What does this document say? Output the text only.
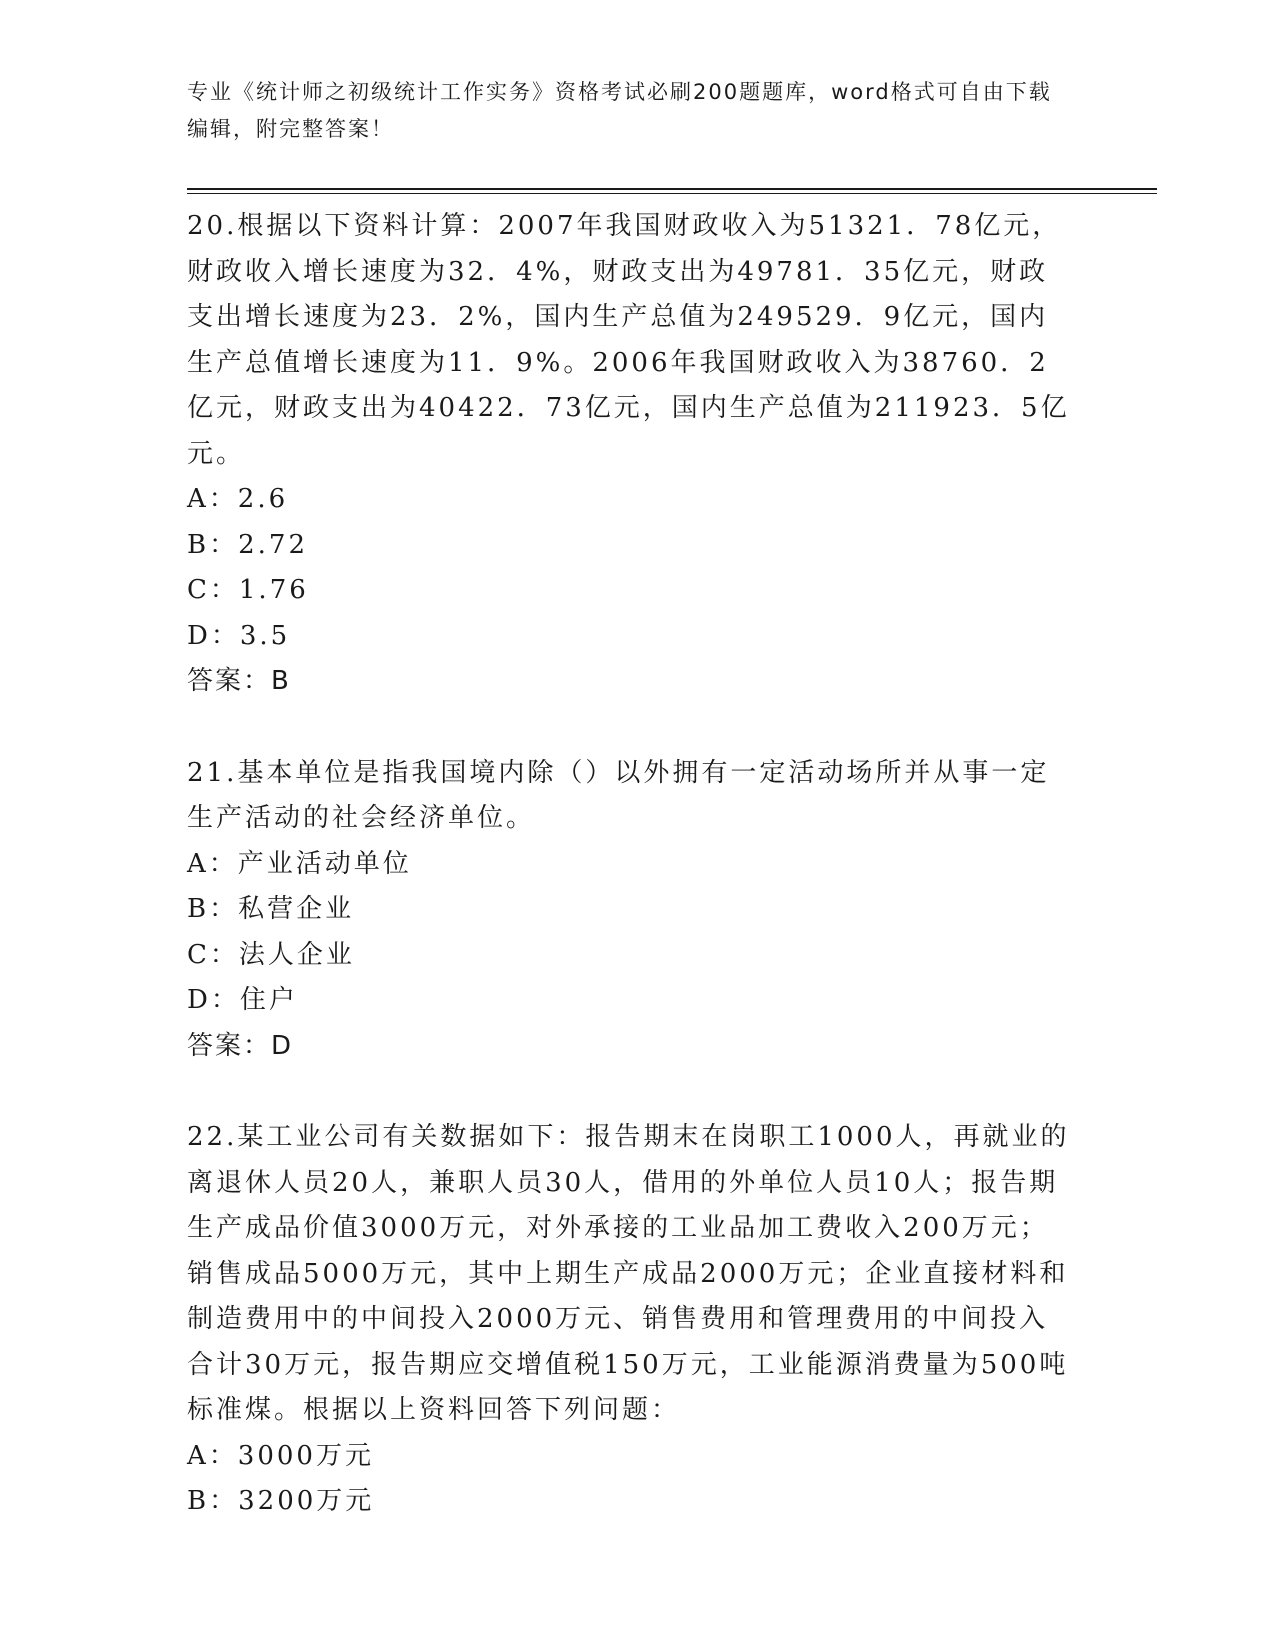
专业《统计师之初级统计工作实务》资格考试必刷200题题库，word格式可自由下载编辑，附完整答案！

20.根据以下资料计算：2007年我国财政收入为51321．78亿元，财政收入增长速度为32．4%，财政支出为49781．35亿元，财政支出增长速度为23．2%，国内生产总值为249529．9亿元，国内生产总值增长速度为11．9%。2006年我国财政收入为38760．2亿元，财政支出为40422．73亿元，国内生产总值为211923．5亿元。

A：2.6

B：2.72

C：1.76

D：3.5

答案：B

21.基本单位是指我国境内除（）以外拥有一定活动场所并从事一定生产活动的社会经济单位。

A：产业活动单位

B：私营企业

C：法人企业

D：住户

答案：D

22.某工业公司有关数据如下：报告期末在岗职工1000人，再就业的离退休人员20人，兼职人员30人，借用的外单位人员10人；报告期生产成品价值3000万元，对外承接的工业品加工费收入200万元；销售成品5000万元，其中上期生产成品2000万元；企业直接材料和制造费用中的中间投入2000万元、销售费用和管理费用的中间投入合计30万元，报告期应交增值税150万元，工业能源消费量为500吨标准煤。根据以上资料回答下列问题：

A：3000万元

B：3200万元
